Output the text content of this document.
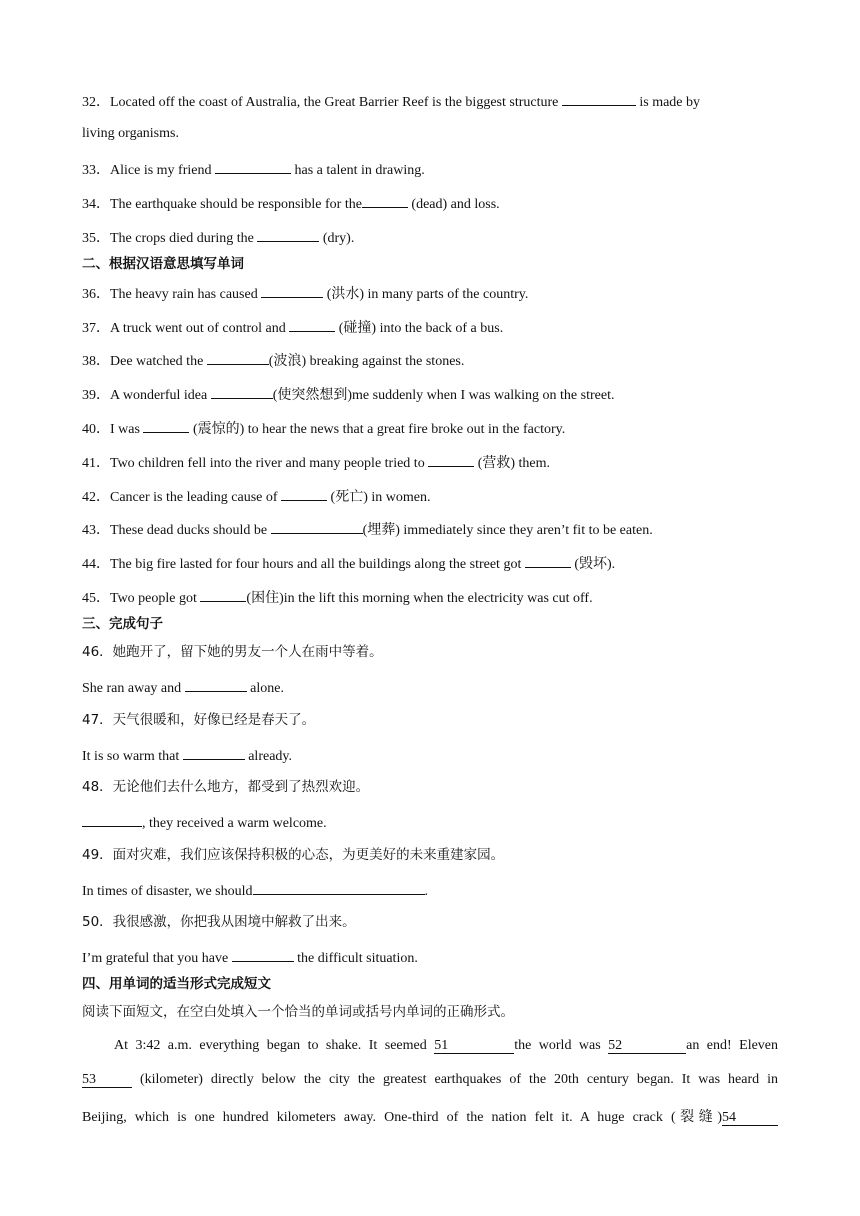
32．Located off the coast of Australia, the Great Barrier Reef is the biggest structure	is made by
living organisms.
33．Alice is my friend	has a talent in drawing.
34．The earthquake should be responsible for the	(dead) and loss.
35．The crops died during the	(dry).
二、根据汉语意思填写单词
36．The heavy rain has caused	(洪水) in many parts of the country.
37．A truck went out of control and	(碰撞) into the back of a bus.
38．Dee watched the	(波浪) breaking against the stones.
39．A wonderful idea	(使突然想到)me suddenly when I was walking on the street.
40．I was	(震惊的) to hear the news that a great fire broke out in the factory.
41．Two children fell into the river and many people tried to	(营救) them.
42．Cancer is the leading cause of	(死亡) in women.
43．These dead ducks should be	(埋葬) immediately since they aren’t fit to be eaten.
44．The big fire lasted for four hours and all the buildings along the street got	(毁坏).
45．Two people got	(困住)in the lift this morning when the electricity was cut off.
三、完成句子
46．她跑开了，留下她的男友一个人在雨中等着。
She ran away and	alone.
47．天气很暖和，好像已经是春天了。
It is so warm that	already.
48．无论他们去什么地方，都受到了热烈欢迎。
, they received a warm welcome.
49．面对灾难，我们应该保持积极的心态，为更美好的未来重建家园。
In times of disaster, we should	.
50．我很感激，你把我从困境中解救了出来。
I’m grateful that you have	the difficult situation.
四、用单词的适当形式完成短文
阅读下面短文，在空白处填入一个恰当的单词或括号内单词的正确形式。
At 3:42 a.m. everything began to shake. It seemed 51	the world was 52	an end! Eleven
53	(kilometer) directly below the city the greatest earthquakes of the 20th century began. It was heard in
Beijing, which is one hundred kilometers away. One-third of the nation felt it. A huge crack (裂缝)54
